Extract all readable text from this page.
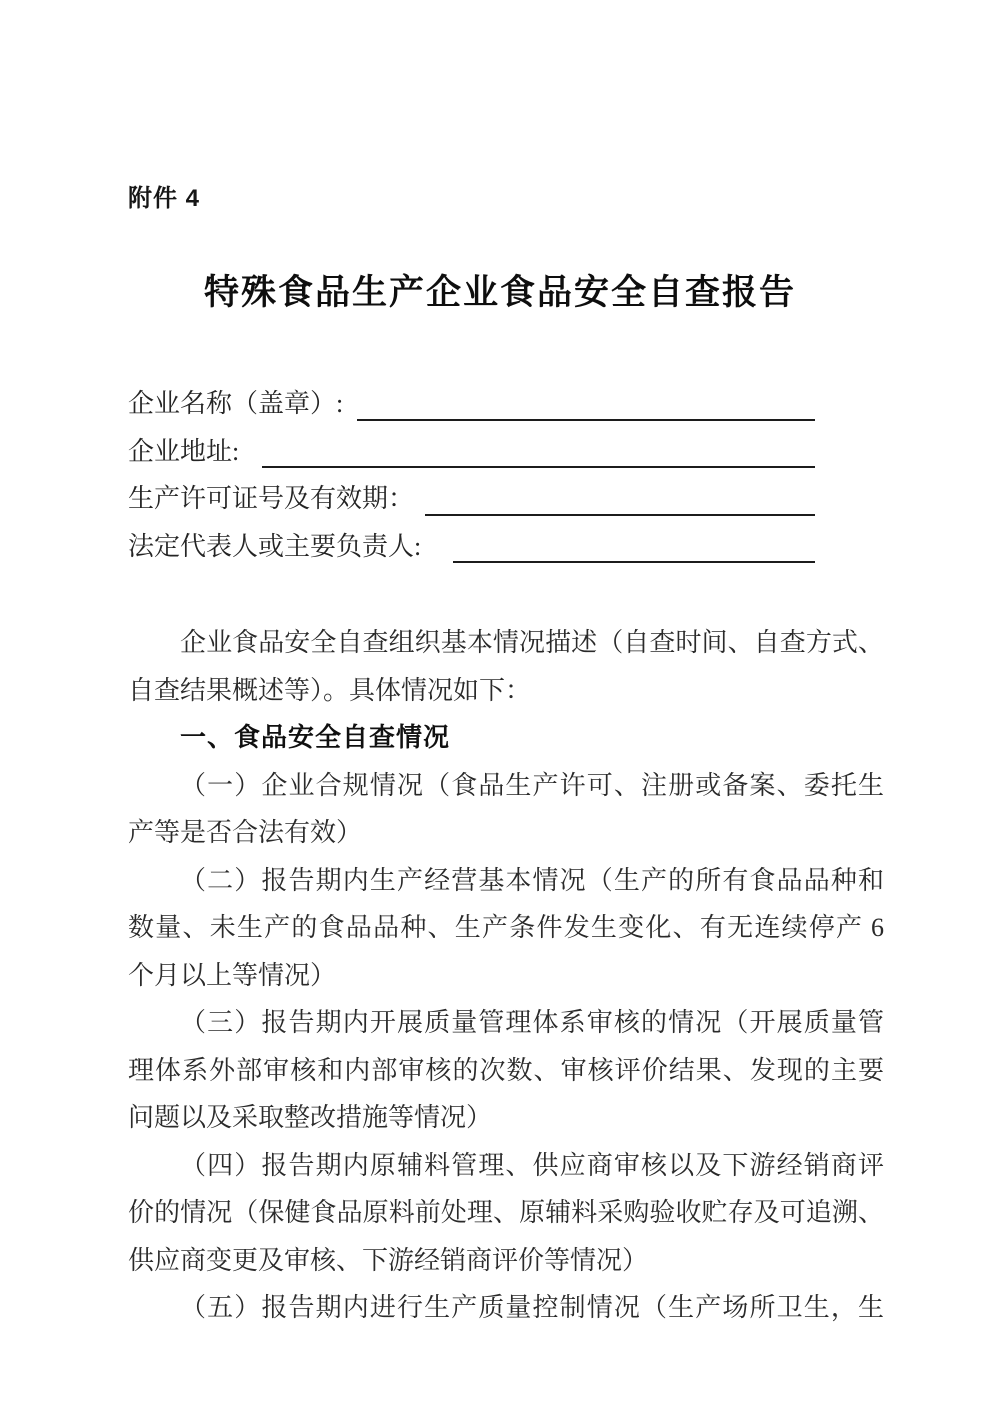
附件 4
特殊食品生产企业食品安全自查报告
企业名称（盖章）:
企业地址:
生产许可证号及有效期：
法定代表人或主要负责人:
企业食品安全自查组织基本情况描述（自查时间、自查方式、
自查结果概述等）。具体情况如下：
一、食品安全自查情况
（一）企业合规情况（食品生产许可、注册或备案、委托生
产等是否合法有效）
（二）报告期内生产经营基本情况（生产的所有食品品种和
数量、未生产的食品品种、生产条件发生变化、有无连续停产 6
个月以上等情况）
（三）报告期内开展质量管理体系审核的情况（开展质量管
理体系外部审核和内部审核的次数、审核评价结果、发现的主要
问题以及采取整改措施等情况）
（四）报告期内原辅料管理、供应商审核以及下游经销商评
价的情况（保健食品原料前处理、原辅料采购验收贮存及可追溯、
供应商变更及审核、下游经销商评价等情况）
（五）报告期内进行生产质量控制情况（生产场所卫生，生
